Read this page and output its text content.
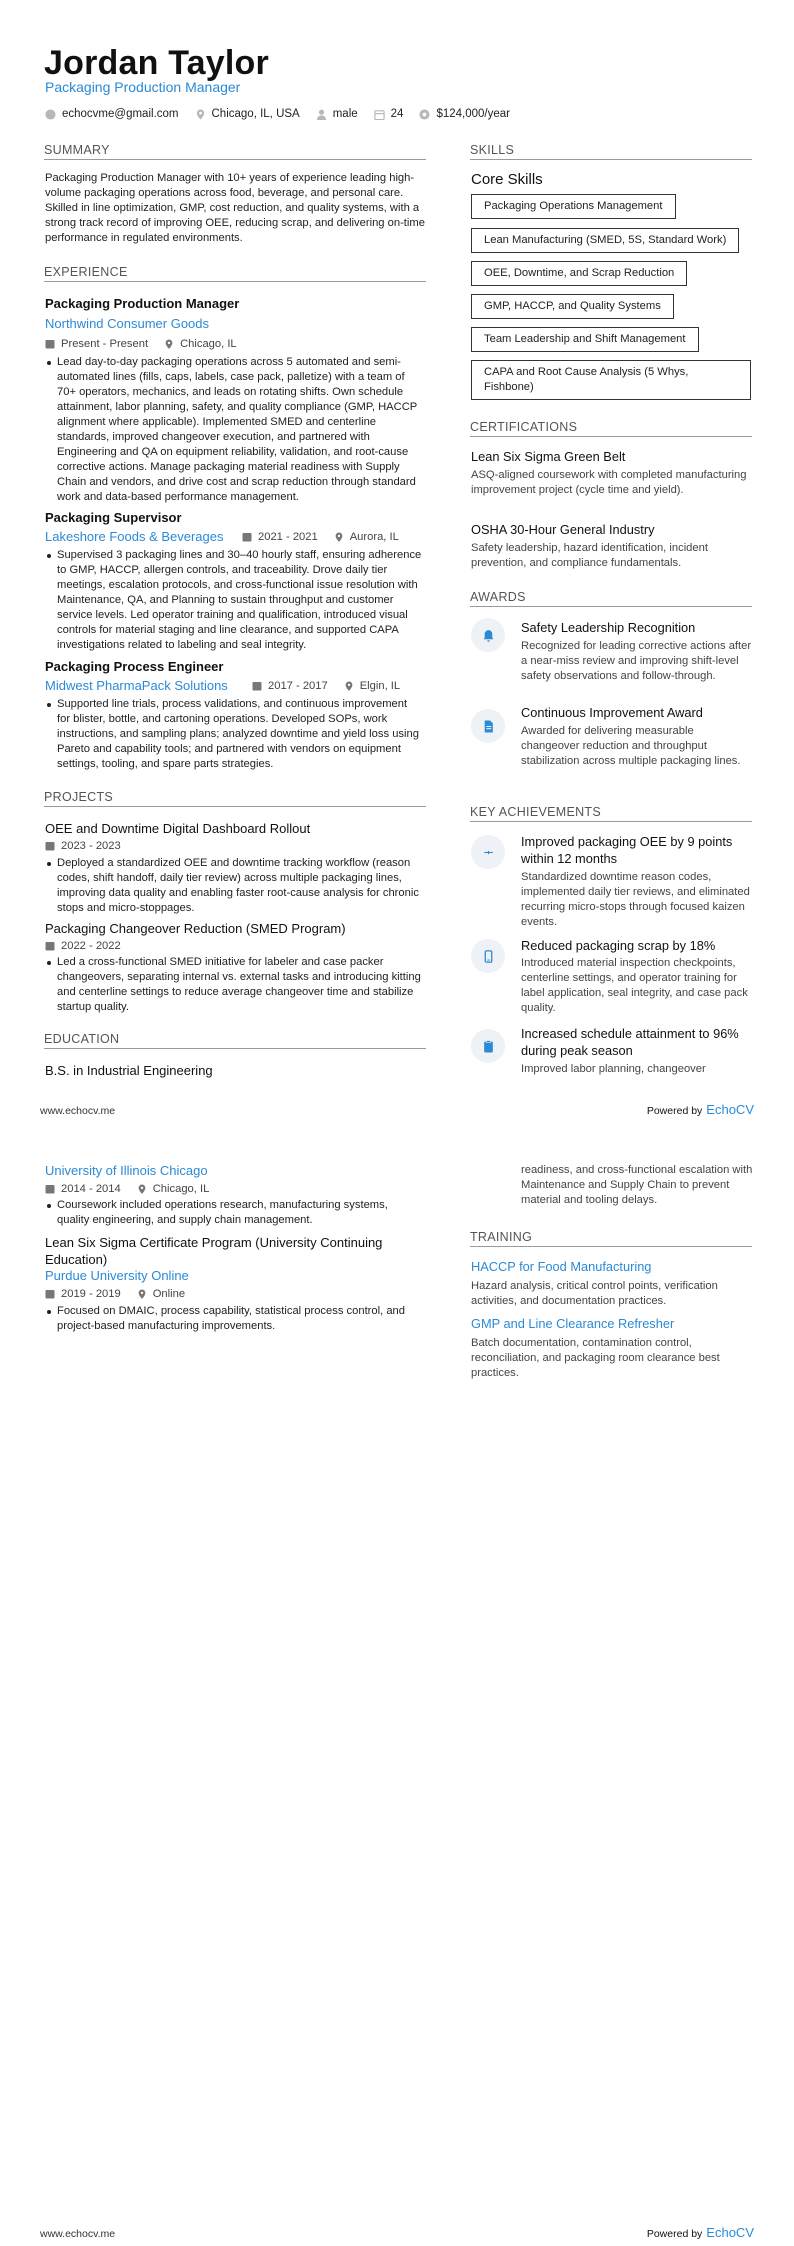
Jordan Taylor
Packaging Production Manager
echocvme@gmail.com	Chicago, IL, USA	male	24	$124,000/year
SUMMARY
Packaging Production Manager with 10+ years of experience leading high-volume packaging operations across food, beverage, and personal care. Skilled in line optimization, GMP, cost reduction, and quality systems, with a strong track record of improving OEE, reducing scrap, and delivering on-time performance in regulated environments.
EXPERIENCE
Packaging Production Manager
Northwind Consumer Goods
Present - Present	Chicago, IL
Lead day-to-day packaging operations across 5 automated and semi-automated lines (fills, caps, labels, case pack, palletize) with a team of 70+ operators, mechanics, and leads on rotating shifts. Own schedule attainment, labor planning, safety, and quality compliance (GMP, HACCP alignment where applicable). Implemented SMED and centerline standards, improved changeover execution, and partnered with Engineering and QA on equipment reliability, validation, and root-cause corrective actions. Manage packaging material readiness with Supply Chain and vendors, and drive cost and scrap reduction through standard work and data-based performance management.
Packaging Supervisor
Lakeshore Foods & Beverages	2021 - 2021	Aurora, IL
Supervised 3 packaging lines and 30–40 hourly staff, ensuring adherence to GMP, HACCP, allergen controls, and traceability. Drove daily tier meetings, escalation protocols, and cross-functional issue resolution with Maintenance, QA, and Planning to sustain throughput and customer service levels. Led operator training and qualification, introduced visual controls for material staging and line clearance, and supported CAPA investigations related to labeling and seal integrity.
Packaging Process Engineer
Midwest PharmaPack Solutions	2017 - 2017	Elgin, IL
Supported line trials, process validations, and continuous improvement for blister, bottle, and cartoning operations. Developed SOPs, work instructions, and sampling plans; analyzed downtime and yield loss using Pareto and capability tools; and partnered with vendors on equipment settings, tooling, and spare parts strategies.
PROJECTS
OEE and Downtime Digital Dashboard Rollout
2023 - 2023
Deployed a standardized OEE and downtime tracking workflow (reason codes, shift handoff, daily tier review) across multiple packaging lines, improving data quality and enabling faster root-cause analysis for chronic stops and micro-stoppages.
Packaging Changeover Reduction (SMED Program)
2022 - 2022
Led a cross-functional SMED initiative for labeler and case packer changeovers, separating internal vs. external tasks and introducing kitting and centerline settings to reduce average changeover time and stabilize startup quality.
EDUCATION
B.S. in Industrial Engineering
SKILLS
Core Skills
Packaging Operations Management
Lean Manufacturing (SMED, 5S, Standard Work)
OEE, Downtime, and Scrap Reduction
GMP, HACCP, and Quality Systems
Team Leadership and Shift Management
CAPA and Root Cause Analysis (5 Whys, Fishbone)
CERTIFICATIONS
Lean Six Sigma Green Belt
ASQ-aligned coursework with completed manufacturing improvement project (cycle time and yield).
OSHA 30-Hour General Industry
Safety leadership, hazard identification, incident prevention, and compliance fundamentals.
AWARDS
Safety Leadership Recognition
Recognized for leading corrective actions after a near-miss review and improving shift-level safety observations and follow-through.
Continuous Improvement Award
Awarded for delivering measurable changeover reduction and throughput stabilization across multiple packaging lines.
KEY ACHIEVEMENTS
Improved packaging OEE by 9 points within 12 months
Standardized downtime reason codes, implemented daily tier reviews, and eliminated recurring micro-stops through focused kaizen events.
Reduced packaging scrap by 18%
Introduced material inspection checkpoints, centerline settings, and operator training for label application, seal integrity, and case pack quality.
Increased schedule attainment to 96% during peak season
Improved labor planning, changeover
www.echocv.me	Powered by EchoCV
University of Illinois Chicago
2014 - 2014	Chicago, IL
Coursework included operations research, manufacturing systems, quality engineering, and supply chain management.
Lean Six Sigma Certificate Program (University Continuing Education)
Purdue University Online
2019 - 2019	Online
Focused on DMAIC, process capability, statistical process control, and project-based manufacturing improvements.
readiness, and cross-functional escalation with Maintenance and Supply Chain to prevent material and tooling delays.
TRAINING
HACCP for Food Manufacturing
Hazard analysis, critical control points, verification activities, and documentation practices.
GMP and Line Clearance Refresher
Batch documentation, contamination control, reconciliation, and packaging room clearance best practices.
www.echocv.me	Powered by EchoCV
